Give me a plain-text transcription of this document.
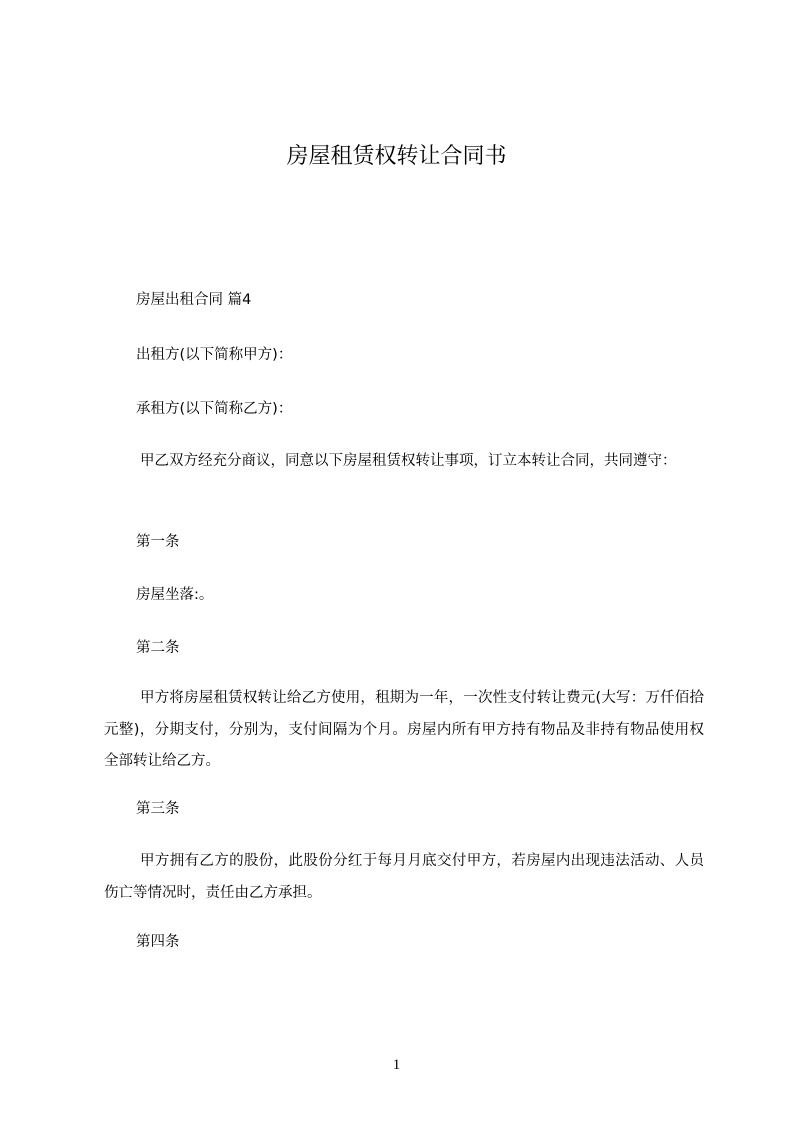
房屋租赁权转让合同书
房屋出租合同 篇4
出租方(以下简称甲方)：
承租方(以下简称乙方)：
甲乙双方经充分商议，同意以下房屋租赁权转让事项，订立本转让合同，共同遵守：
第一条
房屋坐落:。
第二条
甲方将房屋租赁权转让给乙方使用，租期为一年，一次性支付转让费元(大写：万仟佰拾元整)，分期支付，分别为，支付间隔为个月。房屋内所有甲方持有物品及非持有物品使用权全部转让给乙方。
第三条
甲方拥有乙方的股份，此股份分红于每月月底交付甲方，若房屋内出现违法活动、人员伤亡等情况时，责任由乙方承担。
第四条
1
